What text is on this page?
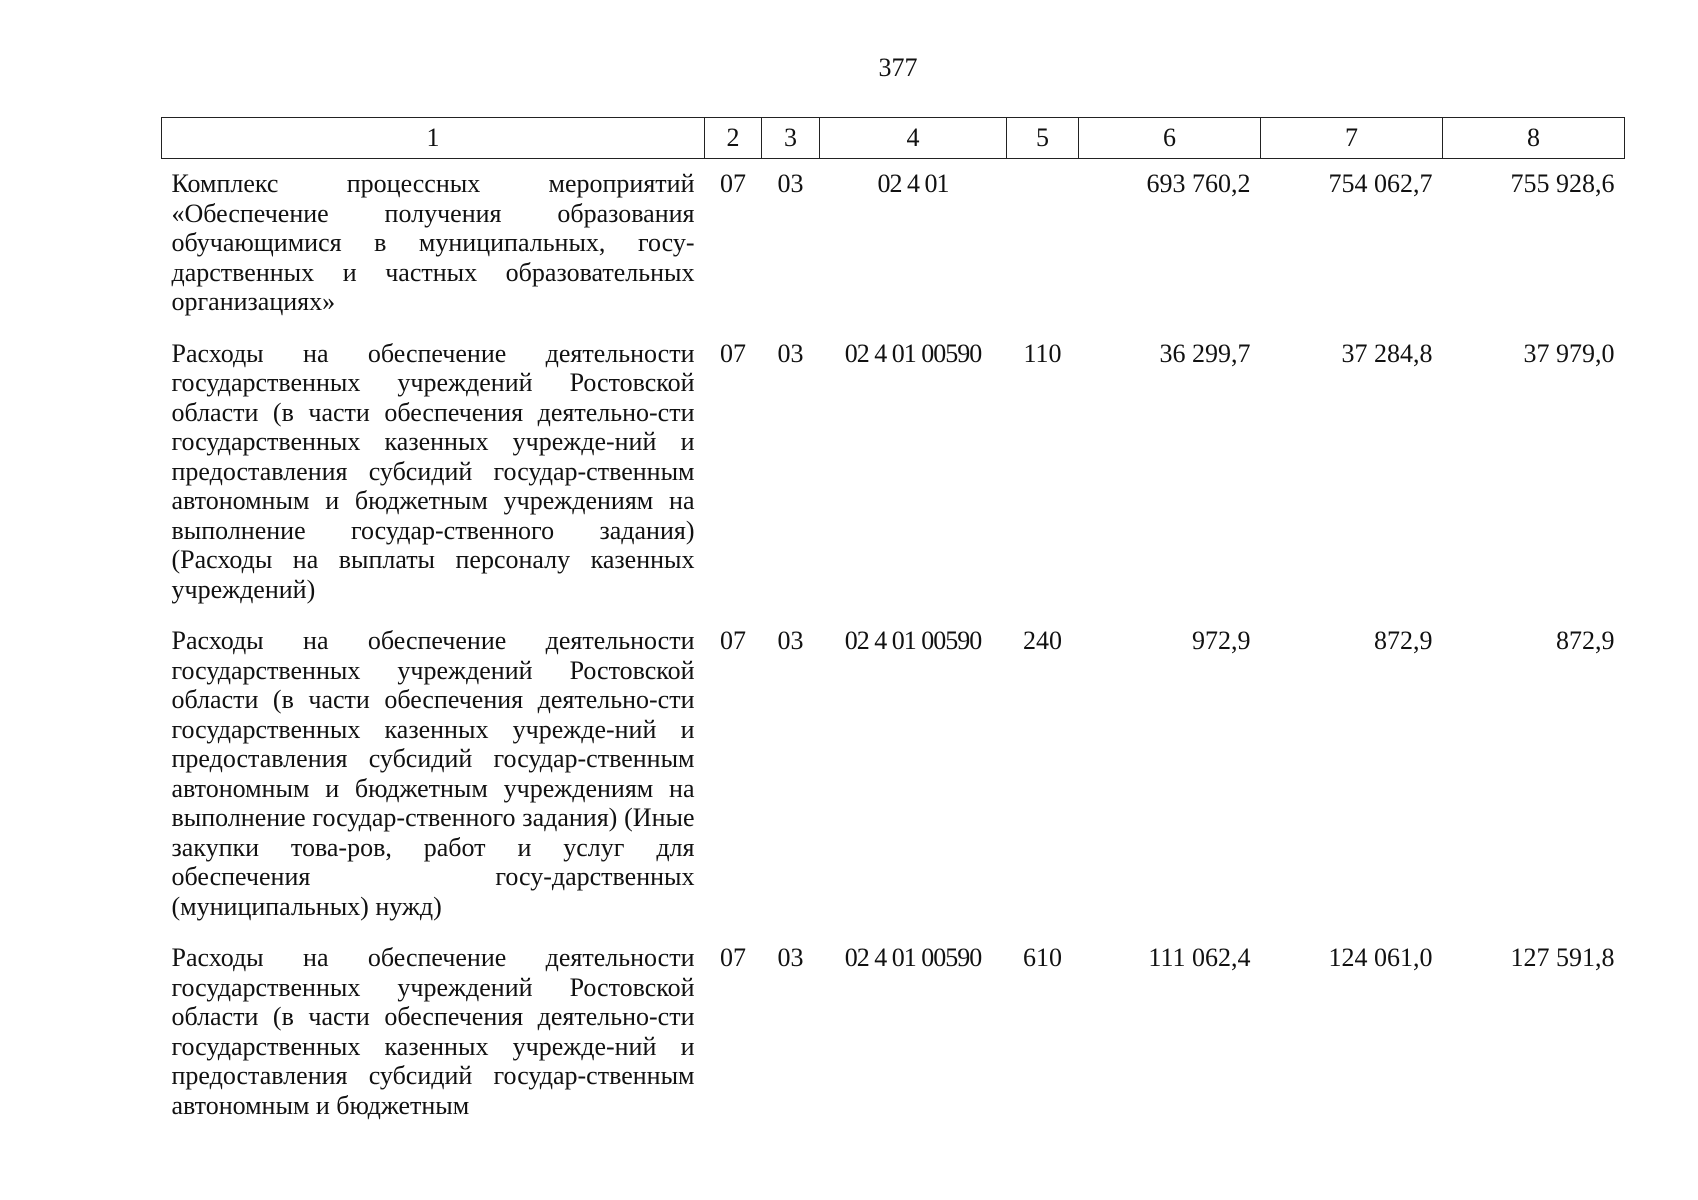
377
1	2	3	4	5	6	7	8
Комплекс процессных мероприятий «Обеспечение получения образования обучающимися в муниципальных, госу-дарственных и частных образовательных организациях»	07	03	02 4 01		693 760,2	754 062,7	755 928,6
Расходы на обеспечение деятельности государственных учреждений Ростовской области (в части обеспечения деятельно-сти государственных казенных учрежде-ний и предоставления субсидий государ-ственным автономным и бюджетным учреждениям на выполнение государ-ственного задания) (Расходы на выплаты персоналу казенных учреждений)	07	03	02 4 01 00590	110	36 299,7	37 284,8	37 979,0
Расходы на обеспечение деятельности государственных учреждений Ростовской области (в части обеспечения деятельно-сти государственных казенных учрежде-ний и предоставления субсидий государ-ственным автономным и бюджетным учреждениям на выполнение государ-ственного задания) (Иные закупки това-ров, работ и услуг для обеспечения госу-дарственных (муниципальных) нужд)	07	03	02 4 01 00590	240	972,9	872,9	872,9
Расходы на обеспечение деятельности государственных учреждений Ростовской области (в части обеспечения деятельно-сти государственных казенных учрежде-ний и предоставления субсидий государ-ственным автономным и бюджетным	07	03	02 4 01 00590	610	111 062,4	124 061,0	127 591,8
